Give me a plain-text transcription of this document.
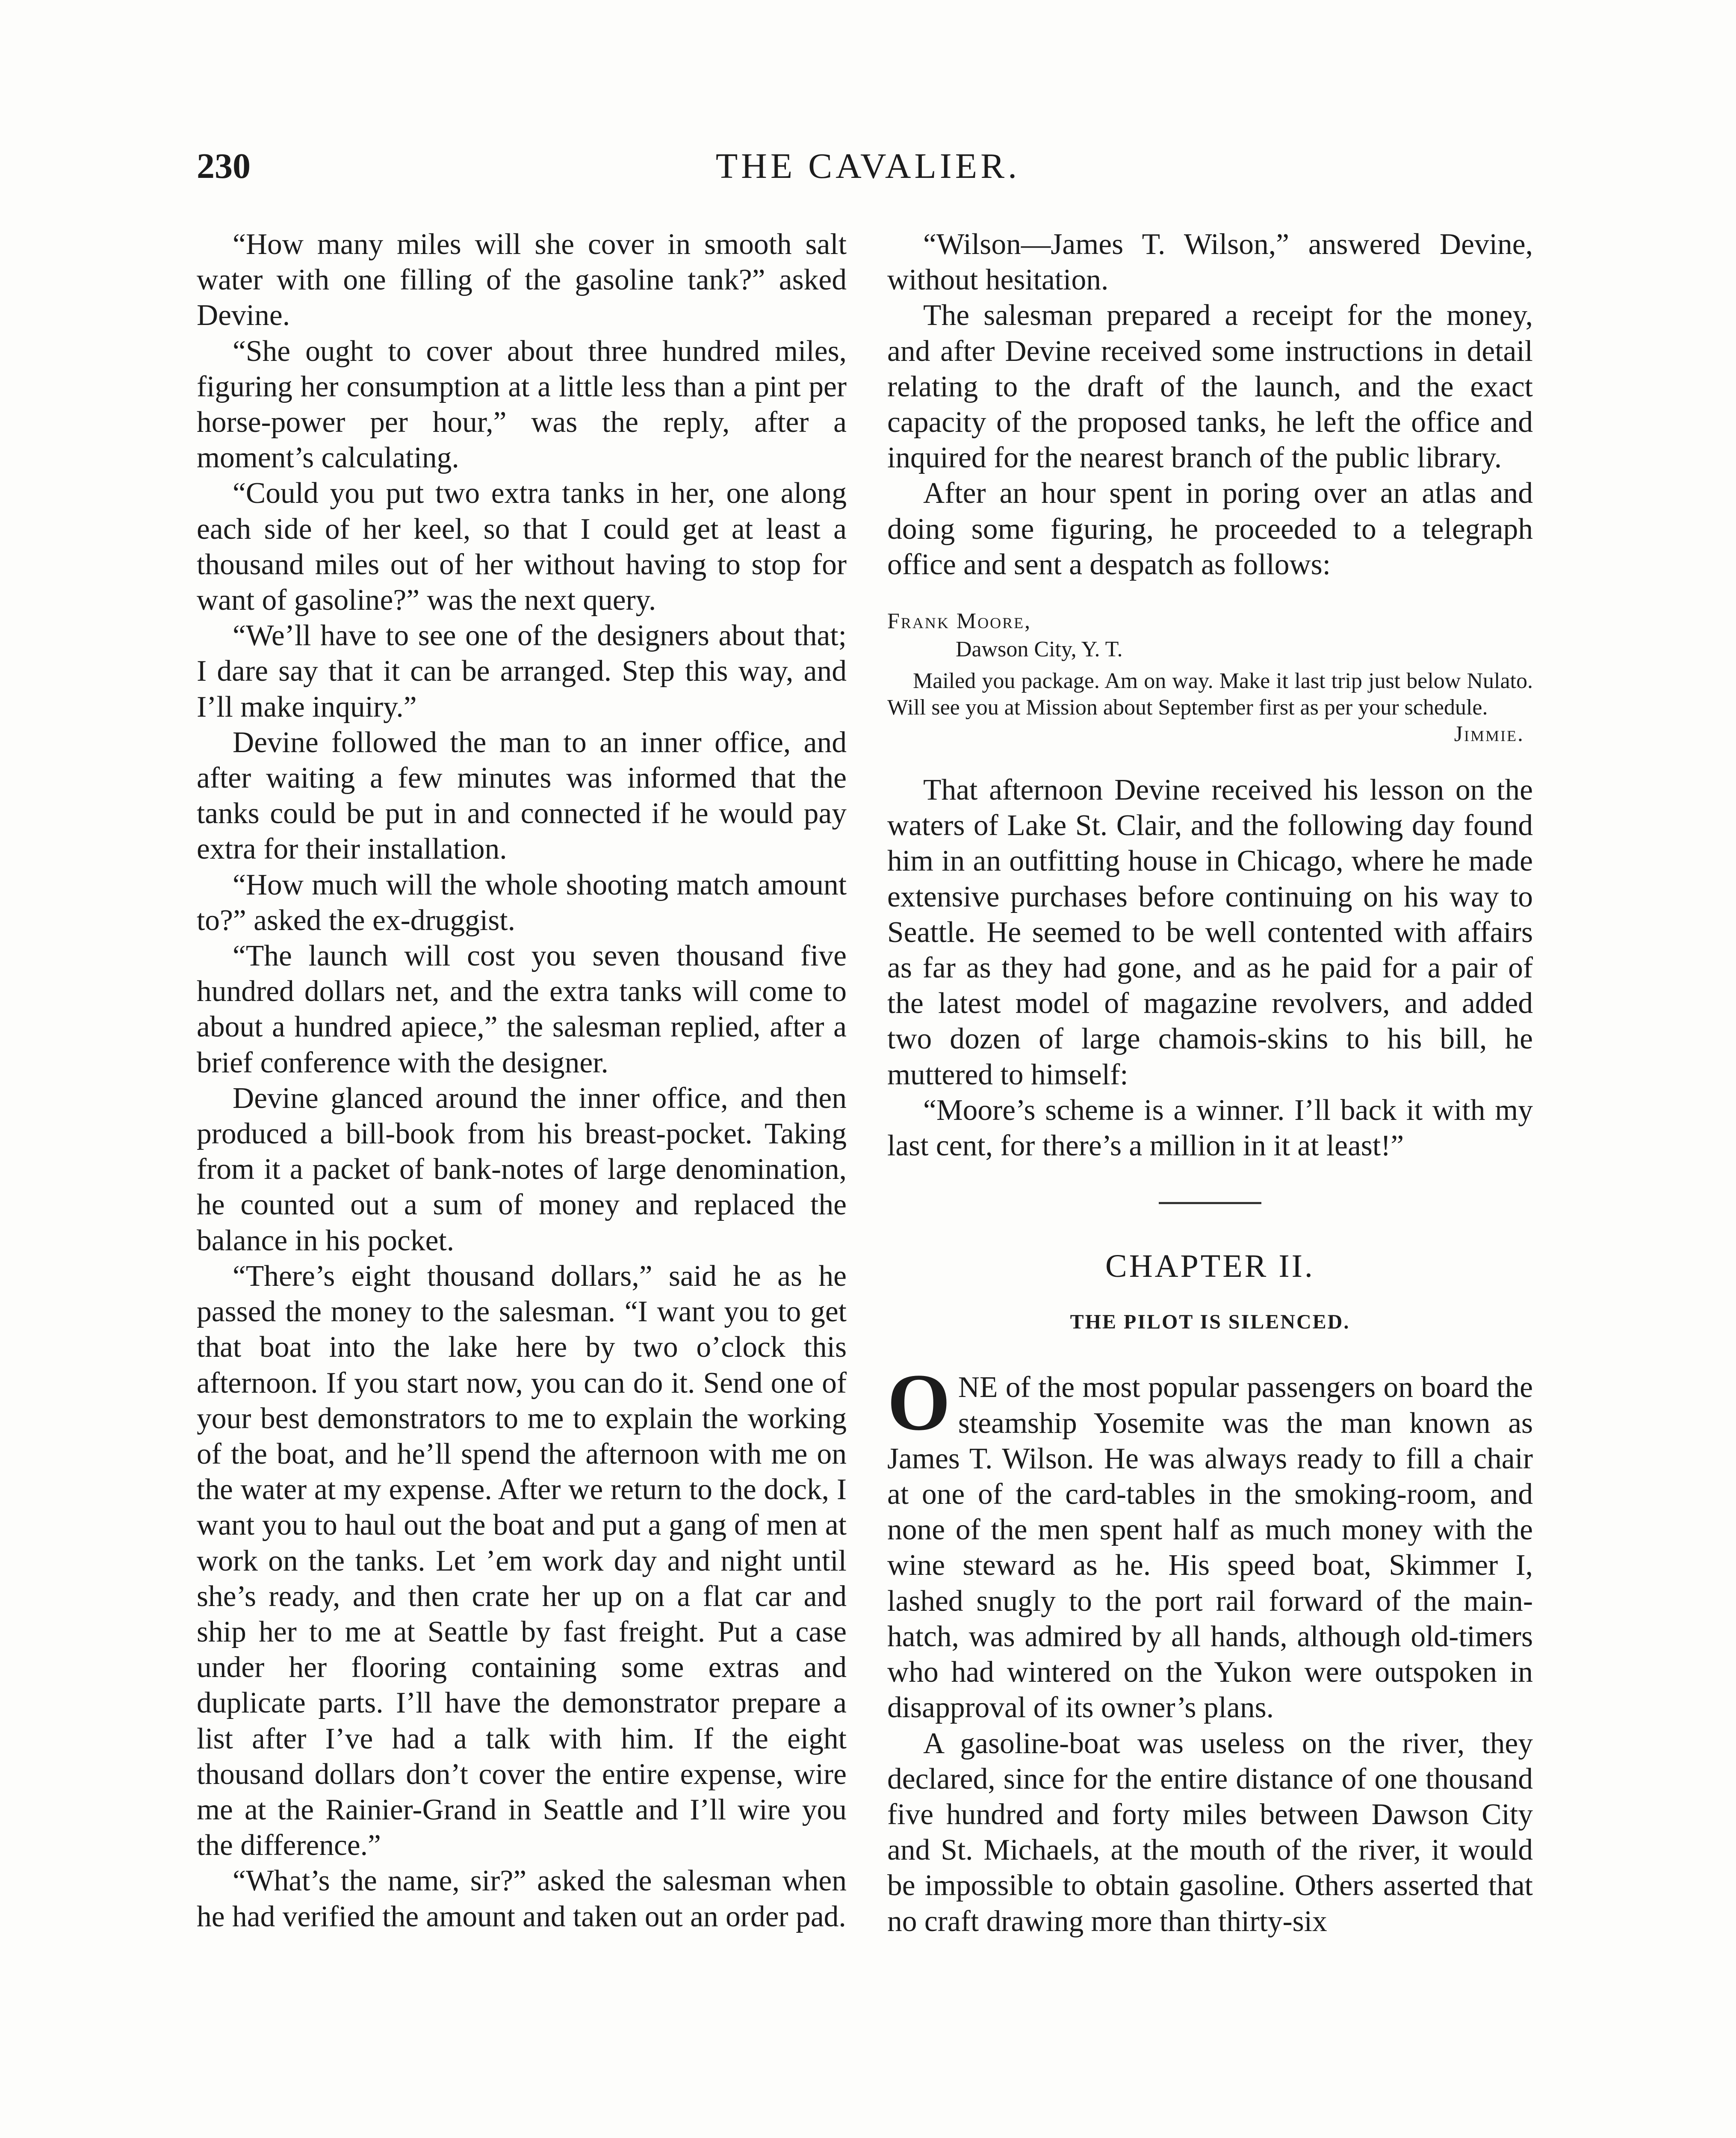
230	THE CAVALIER.

“How many miles will she cover in smooth salt water with one filling of the gasoline tank?” asked Devine.

“She ought to cover about three hundred miles, figuring her consumption at a little less than a pint per horse-power per hour,” was the reply, after a moment’s calculating.

“Could you put two extra tanks in her, one along each side of her keel, so that I could get at least a thousand miles out of her without having to stop for want of gasoline?” was the next query.

“We’ll have to see one of the designers about that; I dare say that it can be arranged. Step this way, and I’ll make inquiry.”

Devine followed the man to an inner office, and after waiting a few minutes was informed that the tanks could be put in and connected if he would pay extra for their installation.

“How much will the whole shooting match amount to?” asked the ex-druggist.

“The launch will cost you seven thousand five hundred dollars net, and the extra tanks will come to about a hundred apiece,” the salesman replied, after a brief conference with the designer.

Devine glanced around the inner office, and then produced a bill-book from his breast-pocket. Taking from it a packet of bank-notes of large denomination, he counted out a sum of money and replaced the balance in his pocket.

“There’s eight thousand dollars,” said he as he passed the money to the salesman. “I want you to get that boat into the lake here by two o’clock this afternoon. If you start now, you can do it. Send one of your best demonstrators to me to explain the working of the boat, and he’ll spend the afternoon with me on the water at my expense. After we return to the dock, I want you to haul out the boat and put a gang of men at work on the tanks. Let ’em work day and night until she’s ready, and then crate her up on a flat car and ship her to me at Seattle by fast freight. Put a case under her flooring containing some extras and duplicate parts. I’ll have the demonstrator prepare a list after I’ve had a talk with him. If the eight thousand dollars don’t cover the entire expense, wire me at the Rainier-Grand in Seattle and I’ll wire you the difference.”

“What’s the name, sir?” asked the salesman when he had verified the amount and taken out an order pad.

“Wilson—James T. Wilson,” answered Devine, without hesitation.

The salesman prepared a receipt for the money, and after Devine received some instructions in detail relating to the draft of the launch, and the exact capacity of the proposed tanks, he left the office and inquired for the nearest branch of the public library.

After an hour spent in poring over an atlas and doing some figuring, he proceeded to a telegraph office and sent a despatch as follows:

Frank Moore,
Dawson City, Y. T.
Mailed you package. Am on way. Make it last trip just below Nulato. Will see you at Mission about September first as per your schedule.
Jimmie.

That afternoon Devine received his lesson on the waters of Lake St. Clair, and the following day found him in an outfitting house in Chicago, where he made extensive purchases before continuing on his way to Seattle. He seemed to be well contented with affairs as far as they had gone, and as he paid for a pair of the latest model of magazine revolvers, and added two dozen of large chamois-skins to his bill, he muttered to himself:

“Moore’s scheme is a winner. I’ll back it with my last cent, for there’s a million in it at least!”

CHAPTER II.
THE PILOT IS SILENCED.

ONE of the most popular passengers on board the steamship Yosemite was the man known as James T. Wilson. He was always ready to fill a chair at one of the card-tables in the smoking-room, and none of the men spent half as much money with the wine steward as he. His speed boat, Skimmer I, lashed snugly to the port rail forward of the main-hatch, was admired by all hands, although old-timers who had wintered on the Yukon were outspoken in disapproval of its owner’s plans.

A gasoline-boat was useless on the river, they declared, since for the entire distance of one thousand five hundred and forty miles between Dawson City and St. Michaels, at the mouth of the river, it would be impossible to obtain gasoline. Others asserted that no craft drawing more than thirty-six
